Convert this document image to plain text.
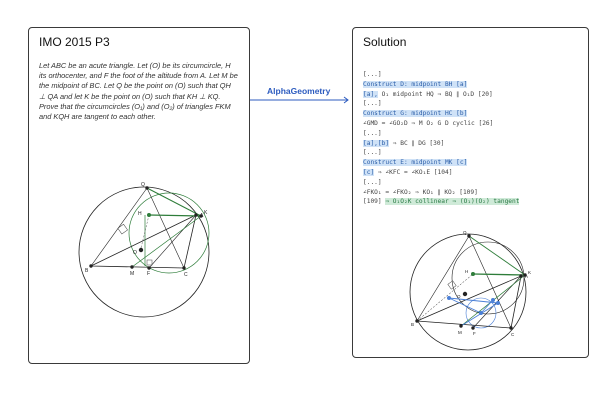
IMO 2015 P3
Let ABC be an acute triangle. Let (O) be its circumcircle, H its orthocenter, and F the foot of the altitude from A. Let M be the midpoint of BC. Let Q be the point on (O) such that QH ⊥ QA and let K be the point on (O) such that KH ⊥ KQ. Prove that the circumcircles (O₁) and (O₂) of triangles FKM and KQH are tangent to each other.
A
B
C
M	F
H
O
Q
K
AlphaGeometry
Solution
[...]
Construct D: midpoint BH [a]
[a], O₁ midpoint HQ ⇒ BQ ∥ O₁D [20]
[...]
Construct G: midpoint HC [b]
∠GMD = ∠GO₂D ⇒ M O₂ G D cyclic [26]
[...]
[a],[b] ⇒ BC ∥ DG [30]
[...]
Construct E: midpoint MK [c]
[c] ⇒ ∠KFC = ∠KO₁E [104]
[...]
∠FKO₁ = ∠FKO₂ ⇒ KO₁ ∥ KO₂ [109]
[109] ⇒ O₁O₂K collinear ⇒ (O₁)(O₂) tangent
A
B
C
M	F
H
O
Q
K
